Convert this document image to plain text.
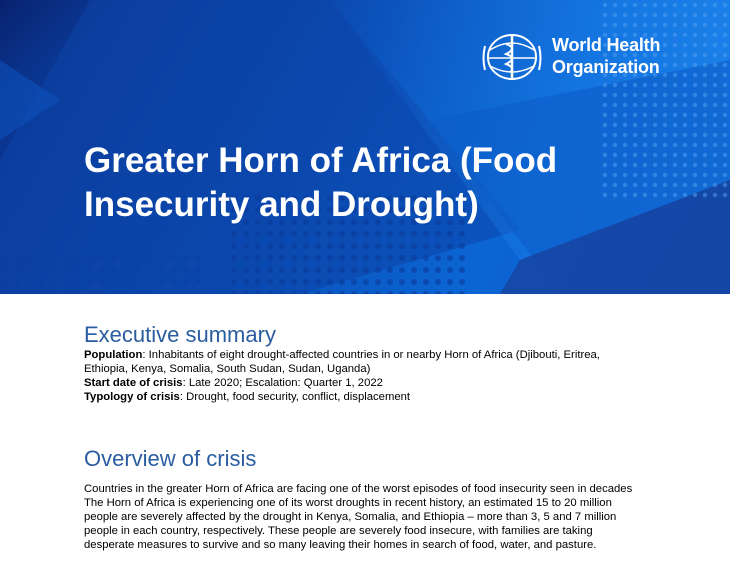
World Health
Organization
Greater Horn of Africa (Food Insecurity and Drought)
Executive summary

Population: Inhabitants of eight drought-affected countries in or nearby Horn of Africa (Djibouti, Eritrea, Ethiopia, Kenya, Somalia, South Sudan, Sudan, Uganda)

Start date of crisis: Late 2020; Escalation: Quarter 1, 2022

Typology of crisis: Drought, food security, conflict, displacement

Overview of crisis

Countries in the greater Horn of Africa are facing one of the worst episodes of food insecurity seen in decades The Horn of Africa is experiencing one of its worst droughts in recent history, an estimated 15 to 20 million people are severely affected by the drought in Kenya, Somalia, and Ethiopia – more than 3, 5 and 7 million people in each country, respectively. These people are severely food insecure, with families are taking desperate measures to survive and so many leaving their homes in search of food, water, and pasture.
